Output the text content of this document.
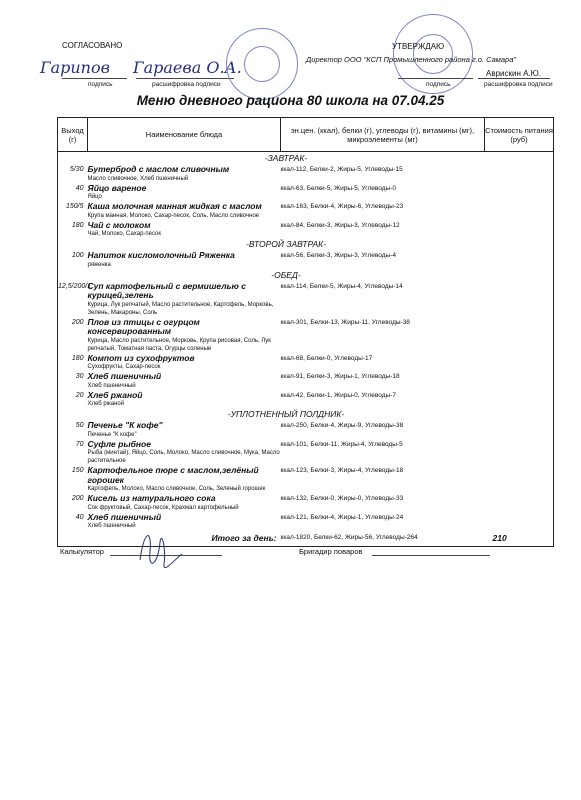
СОГЛАСОВАНО
Гарипов
подпись
Гараева О.А.
расшифровка подписи
УТВЕРЖДАЮ
Директор ООО "КСП Промышленного района г.о. Самара"
подпись
Аврискин А.Ю.
расшифровка подписи
Меню дневного рациона 80 школа на 07.04.25
Выход (г)	Наименование блюда	эн.цен. (ккал), белки (г), углеводы (г), витамины (мг), микроэлементы (мг)	Стоимость питания (руб)
	-ЗАВТРАК-		
5/30	Бутерброд с маслом сливочным
Масло сливочное, Хлеб пшеничный	ккал-112, Белки-2, Жиры-5, Углеводы-15	
40	Яйцо вареное
Яйцо	ккал-63, Белки-5, Жиры-5, Углеводы-0	
150/5	Каша молочная манная жидкая с маслом
Крупа манная, Молоко, Сахар-песок, Соль, Масло сливочное	ккал-163, Белки-4, Жиры-6, Углеводы-23	
180	Чай с молоком
Чай, Молоко, Сахар-песок	ккал-84, Белки-3, Жиры-3, Углеводы-12	
	-ВТОРОЙ ЗАВТРАК-		
100	Напиток кисломолочный Ряженка
ряженка	ккал-56, Белки-3, Жиры-3, Углеводы-4	
	-ОБЕД-		
12,5/200/1	Суп картофельный с вермишелью с курицей,зелень
Курица, Лук репчатый, Масло растительное, Картофель, Морковь, Зелень, Макароны, Соль	ккал-114, Белки-5, Жиры-4, Углеводы-14	
200	Плов из птицы с огурцом консервированным
Курица, Масло растительное, Морковь, Крупа рисовая, Соль, Лук репчатый, Томатная паста, Огурцы соленые	ккал-301, Белки-13, Жиры-11, Углеводы-38	
180	Компот из сухофруктов
Сухофрукты, Сахар-песок	ккал-68, Белки-0, Углеводы-17	
30	Хлеб пшеничный
Хлеб пшеничный	ккал-91, Белки-3, Жиры-1, Углеводы-18	
20	Хлеб ржаной
Хлеб ржаной	ккал-42, Белки-1, Жиры-0, Углеводы-7	
	-УПЛОТНЕННЫЙ ПОЛДНИК-		
50	Печенье "К кофе"
Печенье "К кофе"	ккал-250, Белки-4, Жиры-9, Углеводы-38	
70	Суфле рыбное
Рыба (минтай), Яйцо, Соль, Молоко, Масло сливочное, Мука, Масло растительное	ккал-101, Белки-11, Жиры-4, Углеводы-5	
150	Картофельное пюре с маслом,зелёный горошек
Картофель, Молоко, Масло сливочное, Соль, Зеленый горошек	ккал-123, Белки-3, Жиры-4, Углеводы-18	
200	Кисель из натурального сока
Сок фруктовый, Сахар-песок, Крахмал картофельный	ккал-132, Белки-0, Жиры-0, Углеводы-33	
40	Хлеб пшеничный
Хлеб пшеничный	ккал-121, Белки-4, Жиры-1, Углеводы-24	
	Итого за день:	ккал-1820, Белки-62, Жиры-56, Углеводы-264	210
Калькулятор	Бригадир поваров
